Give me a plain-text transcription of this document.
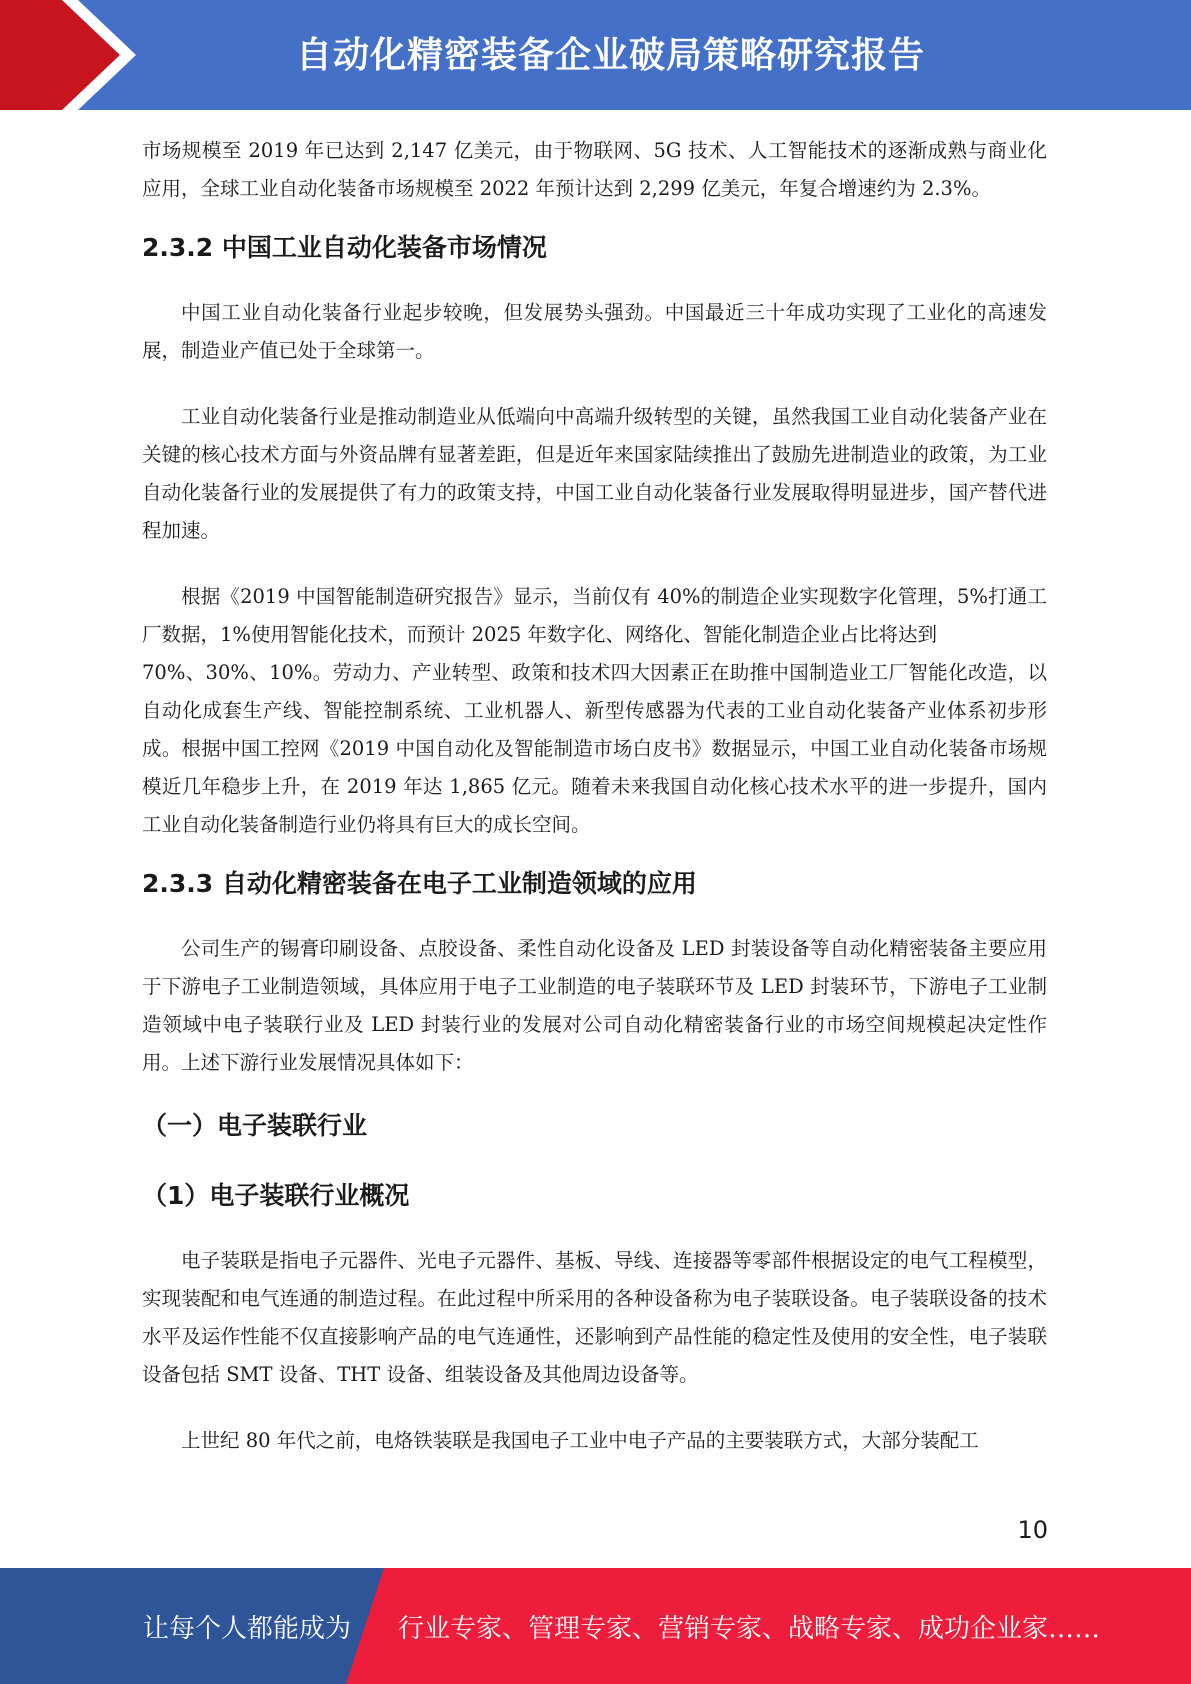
自动化精密装备企业破局策略研究报告

市场规模至 2019 年已达到 2,147 亿美元，由于物联网、5G 技术、人工智能技术的逐渐成熟与商业化应用，全球工业自动化装备市场规模至 2022 年预计达到 2,299 亿美元，年复合增速约为 2.3%。

2.3.2 中国工业自动化装备市场情况

中国工业自动化装备行业起步较晚，但发展势头强劲。中国最近三十年成功实现了工业化的高速发展，制造业产值已处于全球第一。

工业自动化装备行业是推动制造业从低端向中高端升级转型的关键，虽然我国工业自动化装备产业在关键的核心技术方面与外资品牌有显著差距，但是近年来国家陆续推出了鼓励先进制造业的政策，为工业自动化装备行业的发展提供了有力的政策支持，中国工业自动化装备行业发展取得明显进步，国产替代进程加速。

根据《2019 中国智能制造研究报告》显示，当前仅有 40%的制造企业实现数字化管理，5%打通工厂数据，1%使用智能化技术，而预计 2025 年数字化、网络化、智能化制造企业占比将达到

70%、30%、10%。劳动力、产业转型、政策和技术四大因素正在助推中国制造业工厂智能化改造，以自动化成套生产线、智能控制系统、工业机器人、新型传感器为代表的工业自动化装备产业体系初步形成。根据中国工控网《2019 中国自动化及智能制造市场白皮书》数据显示，中国工业自动化装备市场规模近几年稳步上升，在 2019 年达 1,865 亿元。随着未来我国自动化核心技术水平的进一步提升，国内工业自动化装备制造行业仍将具有巨大的成长空间。

2.3.3 自动化精密装备在电子工业制造领域的应用

公司生产的锡膏印刷设备、点胶设备、柔性自动化设备及 LED 封装设备等自动化精密装备主要应用于下游电子工业制造领域，具体应用于电子工业制造的电子装联环节及 LED 封装环节，下游电子工业制造领域中电子装联行业及 LED 封装行业的发展对公司自动化精密装备行业的市场空间规模起决定性作用。上述下游行业发展情况具体如下：

（一）电子装联行业
（1）电子装联行业概况

电子装联是指电子元器件、光电子元器件、基板、导线、连接器等零部件根据设定的电气工程模型，实现装配和电气连通的制造过程。在此过程中所采用的各种设备称为电子装联设备。电子装联设备的技术水平及运作性能不仅直接影响产品的电气连通性，还影响到产品性能的稳定性及使用的安全性，电子装联设备包括 SMT 设备、THT 设备、组装设备及其他周边设备等。

上世纪 80 年代之前，电烙铁装联是我国电子工业中电子产品的主要装联方式，大部分装配工

10
让每个人都能成为 行业专家、管理专家、营销专家、战略专家、成功企业家……
